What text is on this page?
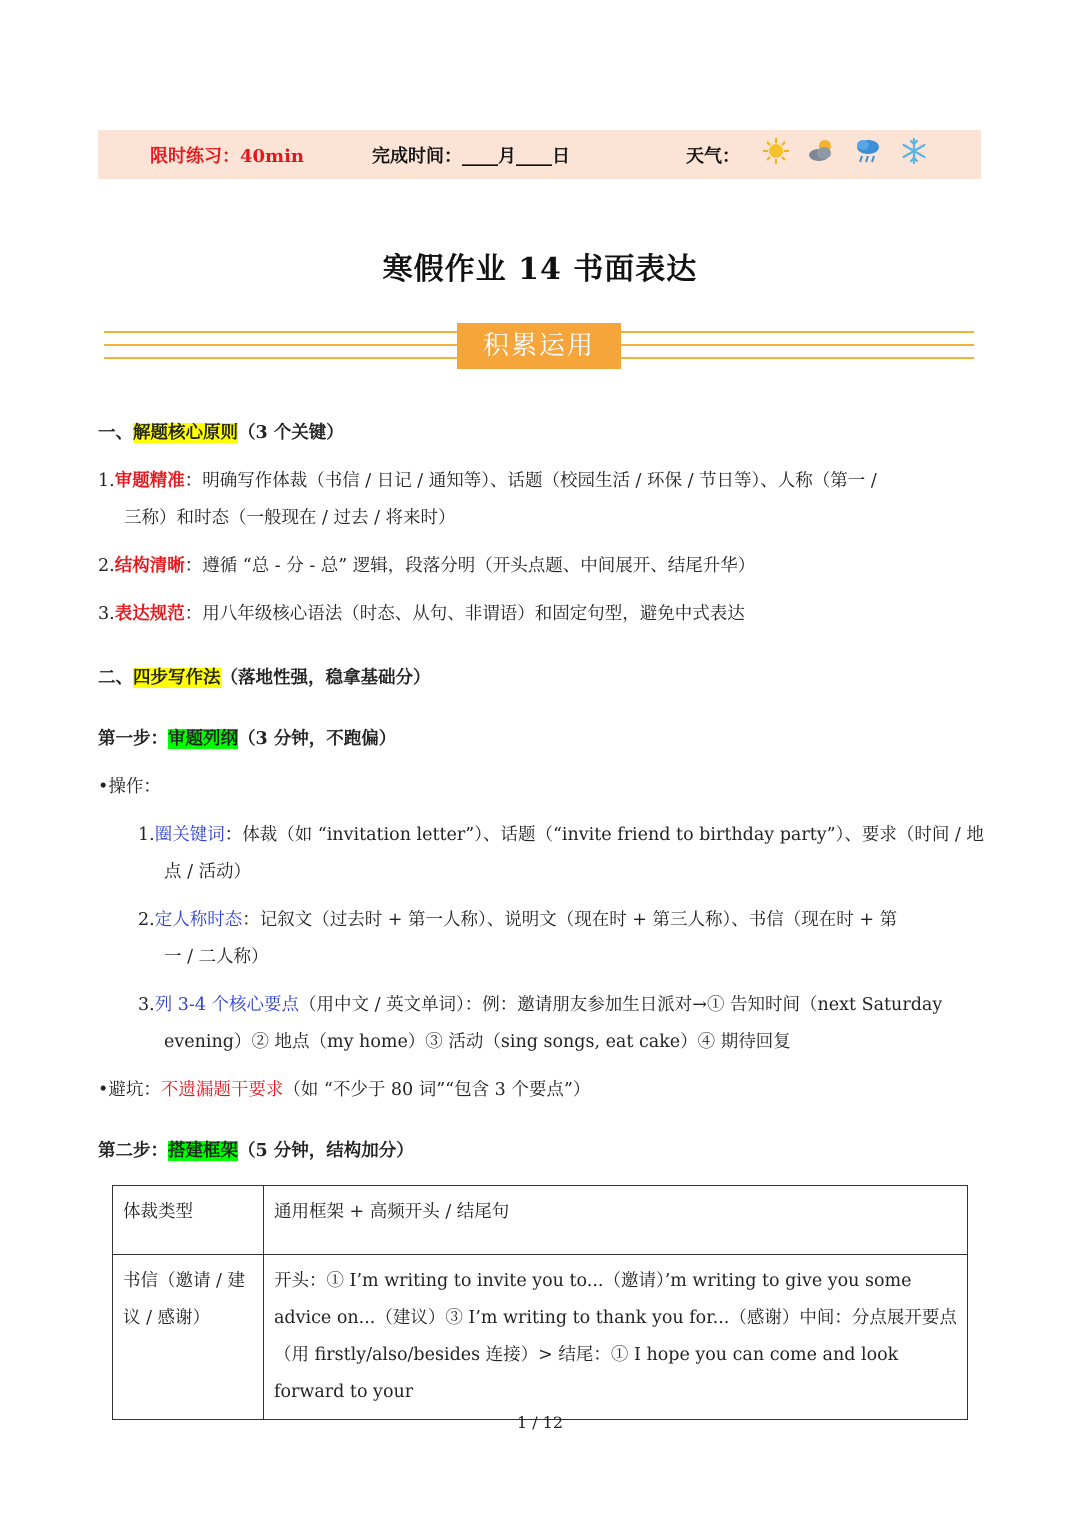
限时练习：40min	完成时间：____月____日	天气：
寒假作业 14 书面表达
积累运用
一、解题核心原则（3 个关键）
1.审题精准：明确写作体裁（书信 / 日记 / 通知等）、话题（校园生活 / 环保 / 节日等）、人称（第一 /
三称）和时态（一般现在 / 过去 / 将来时）
2.结构清晰：遵循 “总 - 分 - 总” 逻辑，段落分明（开头点题、中间展开、结尾升华）
3.表达规范：用八年级核心语法（时态、从句、非谓语）和固定句型，避免中式表达
二、四步写作法（落地性强，稳拿基础分）
第一步：审题列纲（3 分钟，不跑偏）
•操作：
1.圈关键词：体裁（如 “invitation letter”）、话题（“invite friend to birthday party”）、要求（时间 / 地
点 / 活动）
2.定人称时态：记叙文（过去时 + 第一人称）、说明文（现在时 + 第三人称）、书信（现在时 + 第
一 / 二人称）
3.列 3-4 个核心要点（用中文 / 英文单词）：例：邀请朋友参加生日派对→① 告知时间（next Saturday
evening）② 地点（my home）③ 活动（sing songs, eat cake）④ 期待回复
•避坑：不遗漏题干要求（如 “不少于 80 词”“包含 3 个要点”）
第二步：搭建框架（5 分钟，结构加分）
体裁类型	通用框架 + 高频开头 / 结尾句
书信（邀请 / 建议 / 感谢）	开头：① I’m writing to invite you to...（邀请）’m writing to give you some advice on...（建议）③ I’m writing to thank you for...（感谢）中间：分点展开要点（用 firstly/also/besides 连接）> 结尾：① I hope you can come and look forward to your
1 / 12
